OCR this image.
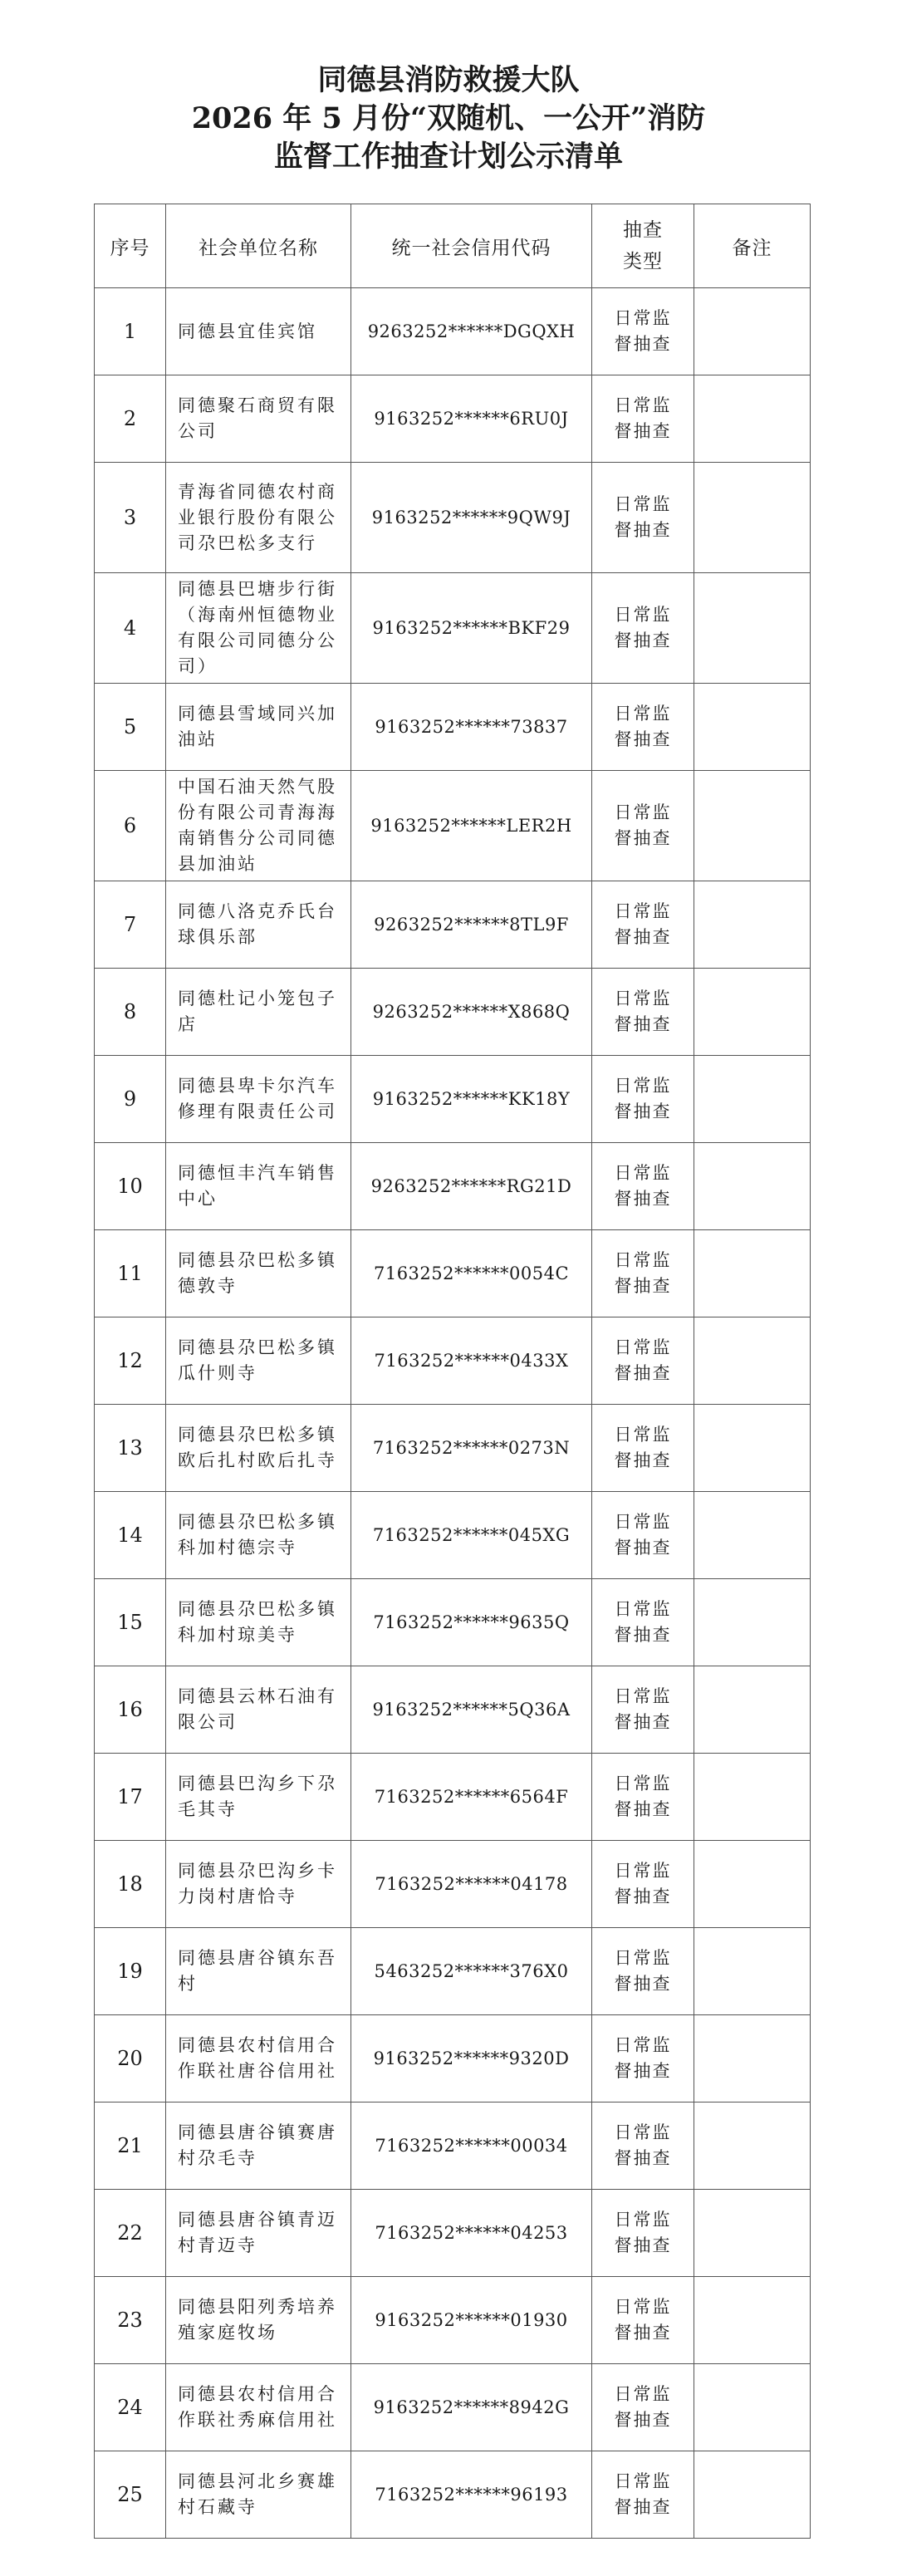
同德县消防救援大队
2026 年 5 月份“双随机、一公开”消防
监督工作抽查计划公示清单
序号	社会单位名称	统一社会信用代码	抽查类型	备注
1	同德县宜佳宾馆	9263252******DGQXH	日常监督抽查	
2	同德聚石商贸有限公司	9163252******6RU0J	日常监督抽查	
3	青海省同德农村商业银行股份有限公司尕巴松多支行	9163252******9QW9J	日常监督抽查	
4	同德县巴塘步行街（海南州恒德物业有限公司同德分公司）	9163252******BKF29	日常监督抽查	
5	同德县雪域同兴加油站	9163252******73837	日常监督抽查	
6	中国石油天然气股份有限公司青海海南销售分公司同德县加油站	9163252******LER2H	日常监督抽查	
7	同德八洛克乔氏台球俱乐部	9263252******8TL9F	日常监督抽查	
8	同德杜记小笼包子店	9263252******X868Q	日常监督抽查	
9	同德县卑卡尔汽车修理有限责任公司	9163252******KK18Y	日常监督抽查	
10	同德恒丰汽车销售中心	9263252******RG21D	日常监督抽查	
11	同德县尕巴松多镇德敦寺	7163252******0054C	日常监督抽查	
12	同德县尕巴松多镇瓜什则寺	7163252******0433X	日常监督抽查	
13	同德县尕巴松多镇欧后扎村欧后扎寺	7163252******0273N	日常监督抽查	
14	同德县尕巴松多镇科加村德宗寺	7163252******045XG	日常监督抽查	
15	同德县尕巴松多镇科加村琼美寺	7163252******9635Q	日常监督抽查	
16	同德县云林石油有限公司	9163252******5Q36A	日常监督抽查	
17	同德县巴沟乡下尕毛其寺	7163252******6564F	日常监督抽查	
18	同德县尕巴沟乡卡力岗村唐恰寺	7163252******04178	日常监督抽查	
19	同德县唐谷镇东吾村	5463252******376X0	日常监督抽查	
20	同德县农村信用合作联社唐谷信用社	9163252******9320D	日常监督抽查	
21	同德县唐谷镇赛唐村尕毛寺	7163252******00034	日常监督抽查	
22	同德县唐谷镇青迈村青迈寺	7163252******04253	日常监督抽查	
23	同德县阳列秀培养殖家庭牧场	9163252******01930	日常监督抽查	
24	同德县农村信用合作联社秀麻信用社	9163252******8942G	日常监督抽查	
25	同德县河北乡赛雄村石藏寺	7163252******96193	日常监督抽查	
